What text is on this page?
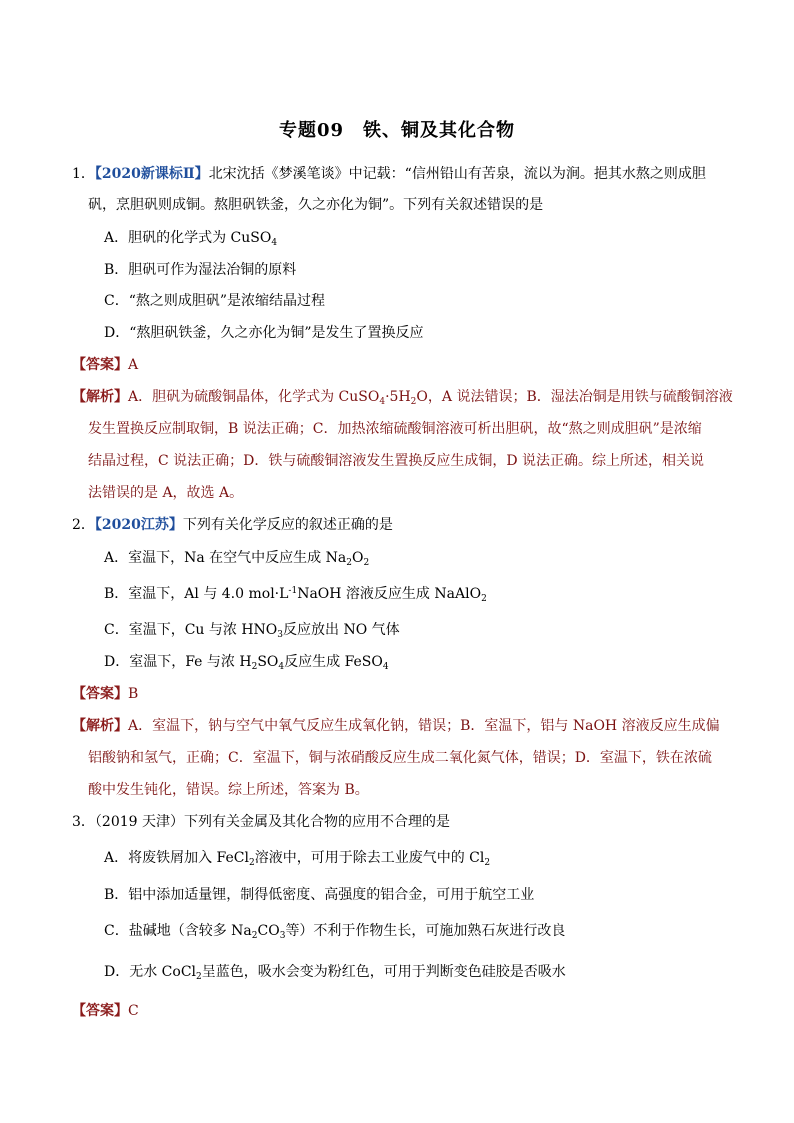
专题09　铁、铜及其化合物
1．【2020新课标Ⅱ】北宋沈括《梦溪笔谈》中记载：“信州铅山有苦泉，流以为涧。挹其水熬之则成胆
矾，烹胆矾则成铜。熬胆矾铁釜，久之亦化为铜”。下列有关叙述错误的是
A．胆矾的化学式为 CuSO$_4$
B．胆矾可作为湿法冶铜的原料
C．“熬之则成胆矾”是浓缩结晶过程
D．“熬胆矾铁釜，久之亦化为铜”是发生了置换反应
【答案】A
【解析】A．胆矾为硫酸铜晶体，化学式为 $CuSO_4\cdot 5H_2O$，A 说法错误；B．湿法冶铜是用铁与硫酸铜溶液
发生置换反应制取铜，B 说法正确；C．加热浓缩硫酸铜溶液可析出胆矾，故“熬之则成胆矾”是浓缩
结晶过程，C 说法正确；D．铁与硫酸铜溶液发生置换反应生成铜，D 说法正确。综上所述，相关说
法错误的是 A，故选 A。
2．【2020江苏】下列有关化学反应的叙述正确的是
A．室温下，Na 在空气中反应生成 $Na_2O_2$
B．室温下，Al 与 4.0 $mol\cdot L^{-1}NaOH$ 溶液反应生成 NaAlO$_2$
C．室温下，Cu 与浓 $HNO_3$反应放出 NO 气体
D．室温下，Fe 与浓 $H_2SO_4$反应生成 FeSO$_4$
【答案】B
【解析】A．室温下，钠与空气中氧气反应生成氧化钠，错误；B．室温下，铝与 NaOH 溶液反应生成偏
铝酸钠和氢气，正确；C．室温下，铜与浓硝酸反应生成二氧化氮气体，错误；D．室温下，铁在浓硫
酸中发生钝化，错误。综上所述，答案为 B。
3．（2019 天津）下列有关金属及其化合物的应用不合理的是
A．将废铁屑加入 FeCl$_2$溶液中，可用于除去工业废气中的 $Cl_2$
B．铝中添加适量锂，制得低密度、高强度的铝合金，可用于航空工业
C．盐碱地（含较多 $Na_2CO_3$等）不利于作物生长，可施加熟石灰进行改良
D．无水 CoCl$_2$呈蓝色，吸水会变为粉红色，可用于判断变色硅胶是否吸水
【答案】C
